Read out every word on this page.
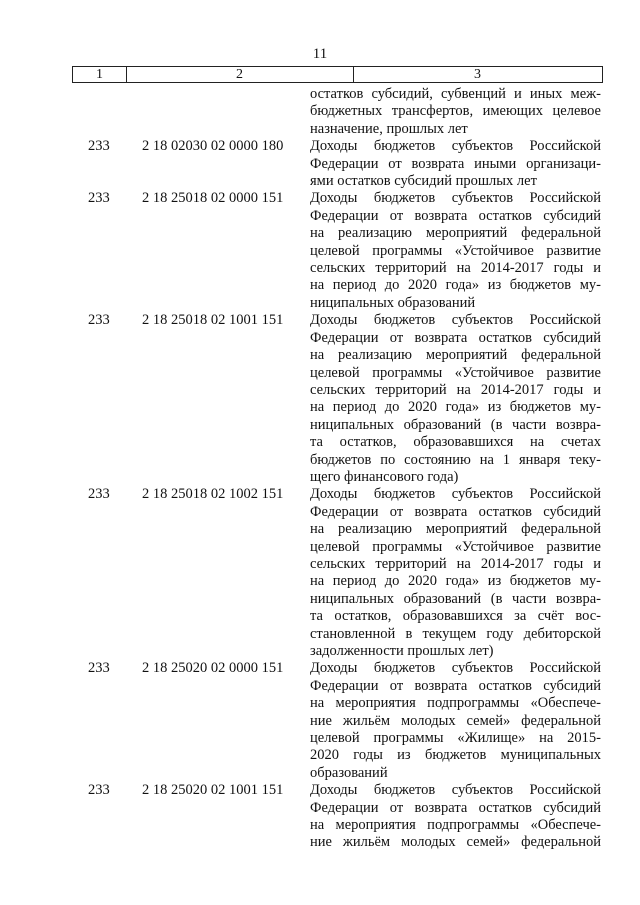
11
1	2	3
остатков субсидий, субвенций и иных меж-
бюджетных трансфертов, имеющих целевое
назначение, прошлых лет
233 2 18 02030 02 0000 180	Доходы бюджетов субъектов Российской
Федерации от возврата иными организаци-
ями остатков субсидий прошлых лет
233 2 18 25018 02 0000 151	Доходы бюджетов субъектов Российской
Федерации от возврата остатков субсидий
на реализацию мероприятий федеральной
целевой программы «Устойчивое развитие
сельских территорий на 2014-2017 годы и
на период до 2020 года» из бюджетов му-
ниципальных образований
233 2 18 25018 02 1001 151	Доходы бюджетов субъектов Российской
Федерации от возврата остатков субсидий
на реализацию мероприятий федеральной
целевой программы «Устойчивое развитие
сельских территорий на 2014-2017 годы и
на период до 2020 года» из бюджетов му-
ниципальных образований (в части возвра-
та остатков, образовавшихся на счетах
бюджетов по состоянию на 1 января теку-
щего финансового года)
233 2 18 25018 02 1002 151	Доходы бюджетов субъектов Российской
Федерации от возврата остатков субсидий
на реализацию мероприятий федеральной
целевой программы «Устойчивое развитие
сельских территорий на 2014-2017 годы и
на период до 2020 года» из бюджетов му-
ниципальных образований (в части возвра-
та остатков, образовавшихся за счёт вос-
становленной в текущем году дебиторской
задолженности прошлых лет)
233 2 18 25020 02 0000 151	Доходы бюджетов субъектов Российской
Федерации от возврата остатков субсидий
на мероприятия подпрограммы «Обеспече-
ние жильём молодых семей» федеральной
целевой программы «Жилище» на 2015-
2020 годы из бюджетов муниципальных
образований
233 2 18 25020 02 1001 151	Доходы бюджетов субъектов Российской
Федерации от возврата остатков субсидий
на мероприятия подпрограммы «Обеспече-
ние жильём молодых семей» федеральной
